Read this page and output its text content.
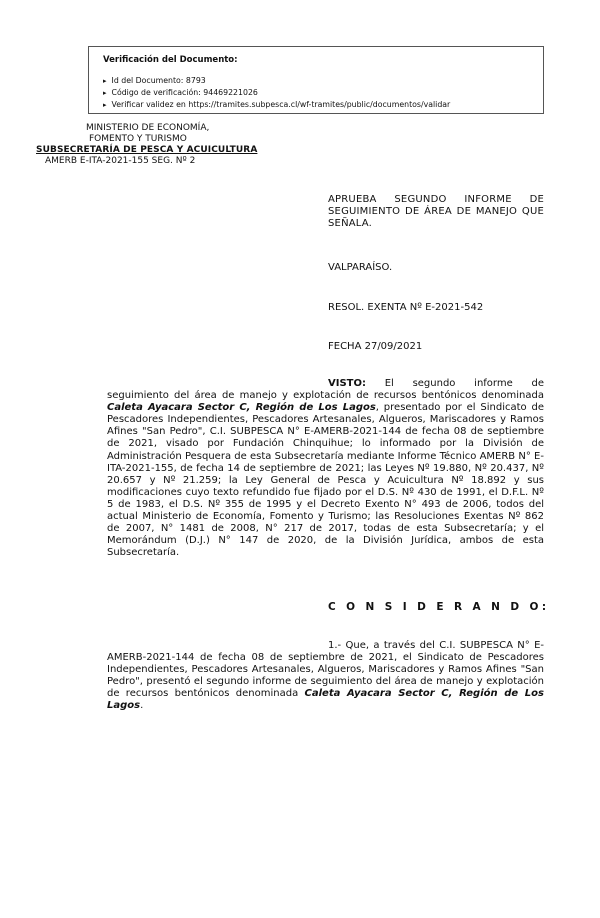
Verificación del Documento:
▸ Id del Documento: 8793
▸ Código de verificación: 94469221026
▸ Verificar validez en https://tramites.subpesca.cl/wf-tramites/public/documentos/validar
MINISTERIO DE ECONOMÍA,
FOMENTO Y TURISMO
SUBSECRETARÍA DE PESCA Y ACUICULTURA
AMERB E-ITA-2021-155 SEG. Nº 2
APRUEBA SEGUNDO INFORME DE SEGUIMIENTO DE ÁREA DE MANEJO QUE SEÑALA.
VALPARAÍSO.
RESOL. EXENTA Nº E-2021-542
FECHA 27/09/2021
VISTO: El segundo informe de seguimiento del área de manejo y explotación de recursos bentónicos denominada Caleta Ayacara Sector C, Región de Los Lagos, presentado por el Sindicato de Pescadores Independientes, Pescadores Artesanales, Algueros, Mariscadores y Ramos Afines "San Pedro", C.I. SUBPESCA N° E-AMERB-2021-144 de fecha 08 de septiembre de 2021, visado por Fundación Chinquihue; lo informado por la División de Administración Pesquera de esta Subsecretaría mediante Informe Técnico AMERB N° E-ITA-2021-155, de fecha 14 de septiembre de 2021; las Leyes Nº 19.880, Nº 20.437, Nº 20.657 y Nº 21.259; la Ley General de Pesca y Acuicultura Nº 18.892 y sus modificaciones cuyo texto refundido fue fijado por el D.S. Nº 430 de 1991, el D.F.L. Nº 5 de 1983, el D.S. Nº 355 de 1995 y el Decreto Exento N° 493 de 2006, todos del actual Ministerio de Economía, Fomento y Turismo; las Resoluciones Exentas Nº 862 de 2007, N° 1481 de 2008, N° 217 de 2017, todas de esta Subsecretaría; y el Memorándum (D.J.) N° 147 de 2020, de la División Jurídica, ambos de esta Subsecretaría.
C O N S I D E R A N D O:
1.- Que, a través del C.I. SUBPESCA N° E-AMERB-2021-144 de fecha 08 de septiembre de 2021, el Sindicato de Pescadores Independientes, Pescadores Artesanales, Algueros, Mariscadores y Ramos Afines "San Pedro", presentó el segundo informe de seguimiento del área de manejo y explotación de recursos bentónicos denominada Caleta Ayacara Sector C, Región de Los Lagos.
